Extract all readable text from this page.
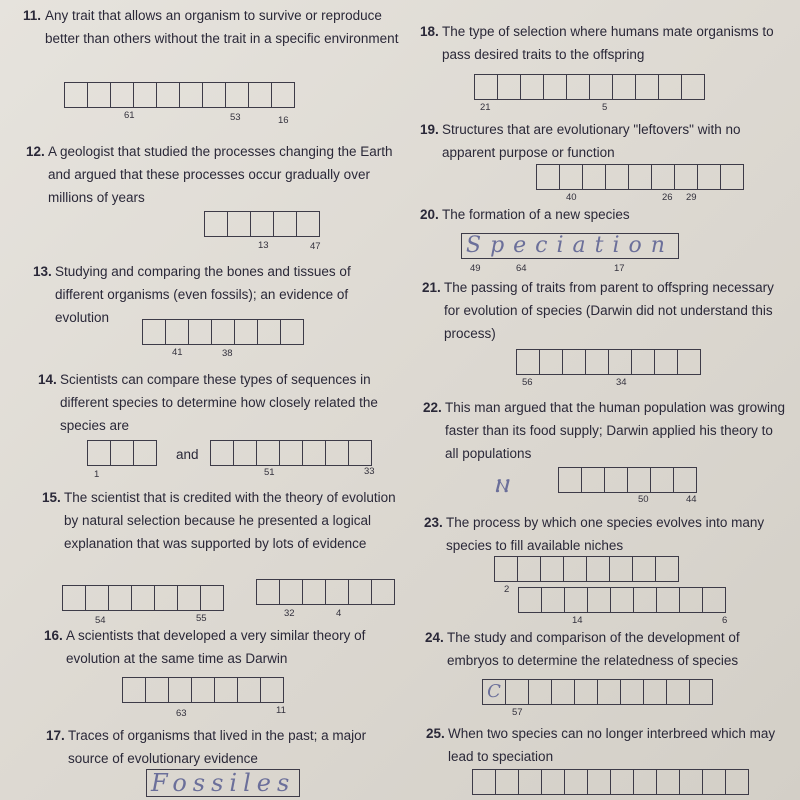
11. Any trait that allows an organism to survive or reproduce better than others without the trait in a specific environment
61	53	16
12. A geologist that studied the processes changing the Earth and argued that these processes occur gradually over millions of years
13	47
13. Studying and comparing the bones and tissues of different organisms (even fossils); an evidence of evolution
41	38
14. Scientists can compare these types of sequences in different species to determine how closely related the species are
and
1	51	33
15. The scientist that is credited with the theory of evolution by natural selection because he presented a logical explanation that was supported by lots of evidence
54	55	32	4
16. A scientists that developed a very similar theory of evolution at the same time as Darwin
63	11
17. Traces of organisms that lived in the past; a major source of evolutionary evidence
Fossiles
18. The type of selection where humans mate organisms to pass desired traits to the offspring
21	5
19. Structures that are evolutionary "leftovers" with no apparent purpose or function
40	26 29
20. The formation of a new species
Speciation
49	64	17
21. The passing of traits from parent to offspring necessary for evolution of species (Darwin did not understand this process)
56	34
22. This man argued that the human population was growing faster than its food supply; Darwin applied his theory to all populations
ⲛ
50	44
23. The process by which one species evolves into many species to fill available niches
2
14	6
24. The study and comparison of the development of embryos to determine the relatedness of species
C
57
25. When two species can no longer interbreed which may lead to speciation
